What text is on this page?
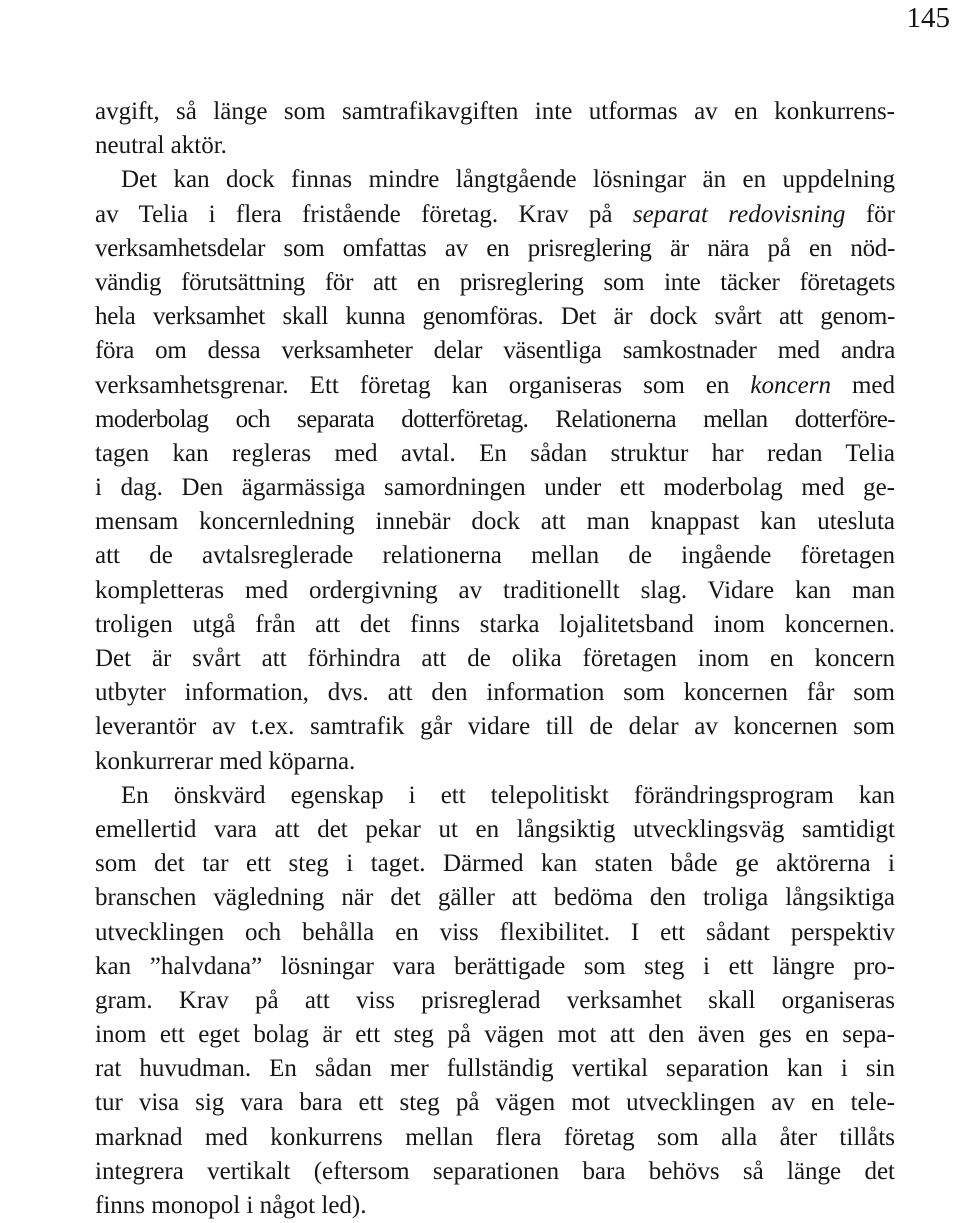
145
avgift, så länge som samtrafikavgiften inte utformas av en konkurrens-
neutral aktör.
Det kan dock finnas mindre långtgående lösningar än en uppdelning
av Telia i flera fristående företag. Krav på separat redovisning för
verksamhetsdelar som omfattas av en prisreglering är nära på en nöd-
vändig förutsättning för att en prisreglering som inte täcker företagets
hela verksamhet skall kunna genomföras. Det är dock svårt att genom-
föra om dessa verksamheter delar väsentliga samkostnader med andra
verksamhetsgrenar. Ett företag kan organiseras som en koncern med
moderbolag och separata dotterföretag. Relationerna mellan dotterföre-
tagen kan regleras med avtal. En sådan struktur har redan Telia
i dag. Den ägarmässiga samordningen under ett moderbolag med ge-
mensam koncernledning innebär dock att man knappast kan utesluta
att de avtalsreglerade relationerna mellan de ingående företagen
kompletteras med ordergivning av traditionellt slag. Vidare kan man
troligen utgå från att det finns starka lojalitetsband inom koncernen.
Det är svårt att förhindra att de olika företagen inom en koncern
utbyter information, dvs. att den information som koncernen får som
leverantör av t.ex. samtrafik går vidare till de delar av koncernen som
konkurrerar med köparna.
En önskvärd egenskap i ett telepolitiskt förändringsprogram kan
emellertid vara att det pekar ut en långsiktig utvecklingsväg samtidigt
som det tar ett steg i taget. Därmed kan staten både ge aktörerna i
branschen vägledning när det gäller att bedöma den troliga långsiktiga
utvecklingen och behålla en viss flexibilitet. I ett sådant perspektiv
kan ”halvdana” lösningar vara berättigade som steg i ett längre pro-
gram. Krav på att viss prisreglerad verksamhet skall organiseras
inom ett eget bolag är ett steg på vägen mot att den även ges en sepa-
rat huvudman. En sådan mer fullständig vertikal separation kan i sin
tur visa sig vara bara ett steg på vägen mot utvecklingen av en tele-
marknad med konkurrens mellan flera företag som alla åter tillåts
integrera vertikalt (eftersom separationen bara behövs så länge det
finns monopol i något led).
